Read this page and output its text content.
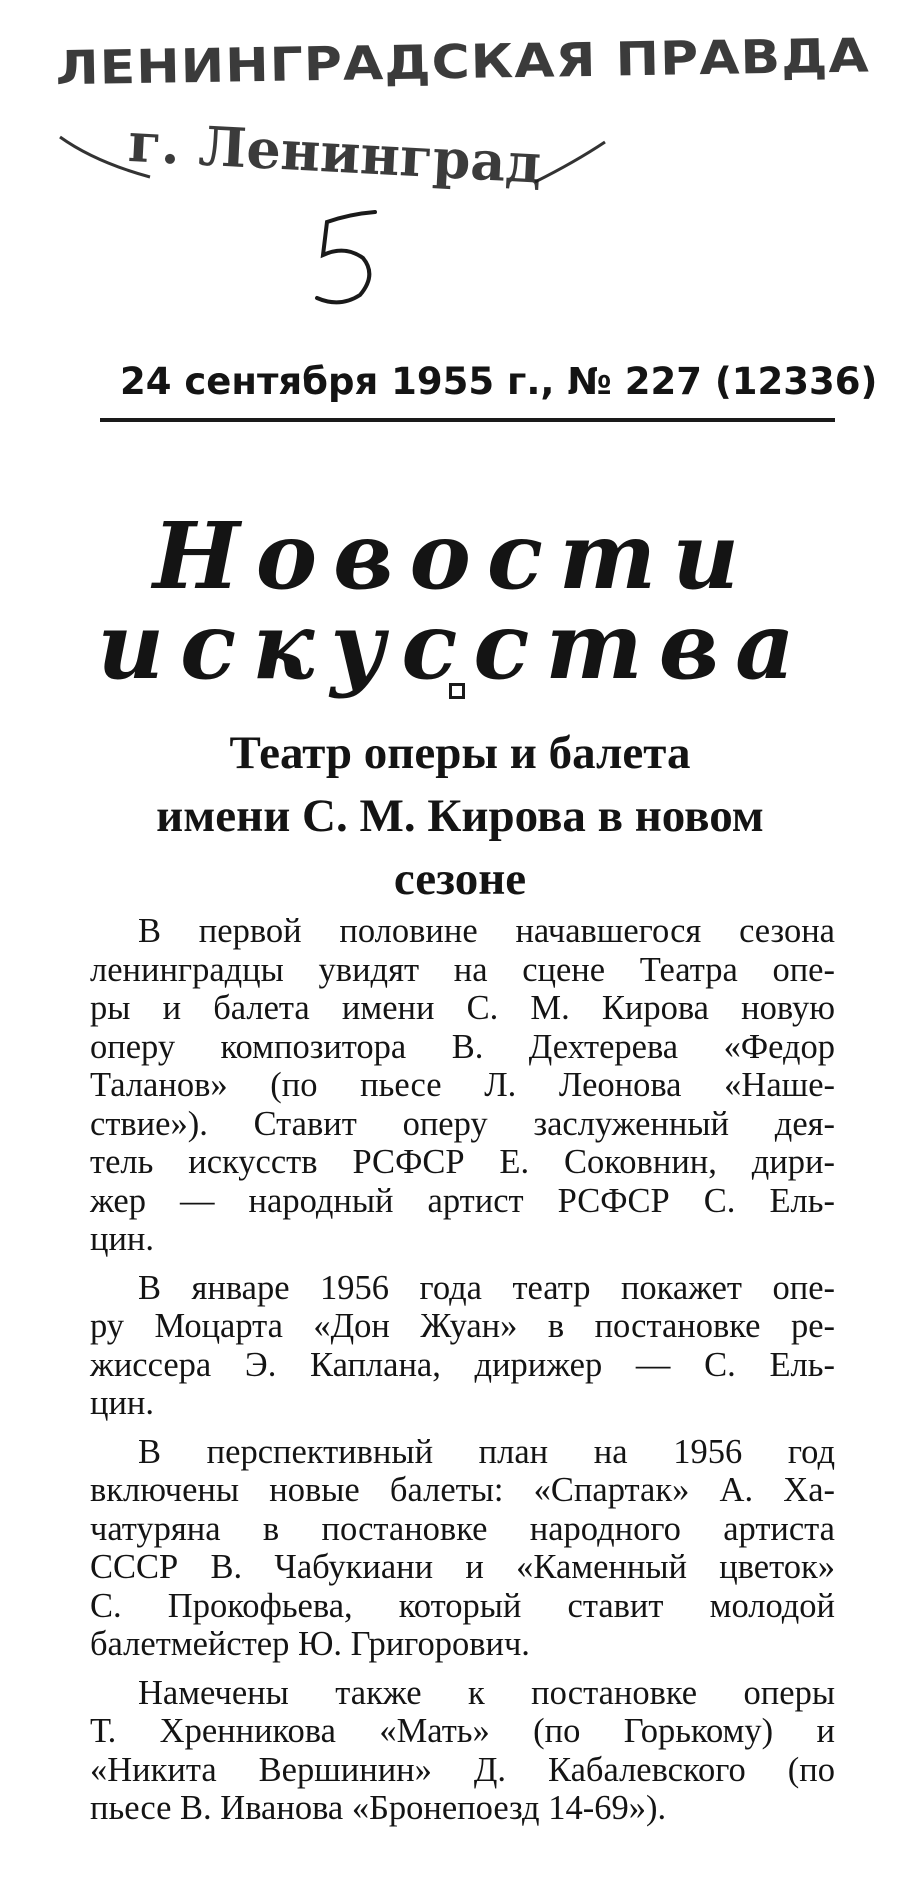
ЛЕНИНГРАДСКАЯ ПРАВДА
г. Ленинград
24 сентября 1955 г., № 227 (12336)
Новости
искусства
Театр оперы и балета
имени С. М. Кирова в новом
сезоне
В первой половине начавшегося сезона
ленинградцы увидят на сцене Театра опе-
ры и балета имени С. М. Кирова новую
оперу композитора В. Дехтерева «Федор
Таланов» (по пьесе Л. Леонова «Наше-
ствие»). Ставит оперу заслуженный дея-
тель искусств РСФСР Е. Соковнин, дири-
жер — народный артист РСФСР С. Ель-
цин.
В январе 1956 года театр покажет опе-
ру Моцарта «Дон Жуан» в постановке ре-
жиссера Э. Каплана, дирижер — С. Ель-
цин.
В перспективный план на 1956 год
включены новые балеты: «Спартак» А. Ха-
чатуряна в постановке народного артиста
СССР В. Чабукиани и «Каменный цветок»
С. Прокофьева, который ставит молодой
балетмейстер Ю. Григорович.
Намечены также к постановке оперы
Т. Хренникова «Мать» (по Горькому) и
«Никита Вершинин» Д. Кабалевского (по
пьесе В. Иванова «Бронепоезд 14-69»).
